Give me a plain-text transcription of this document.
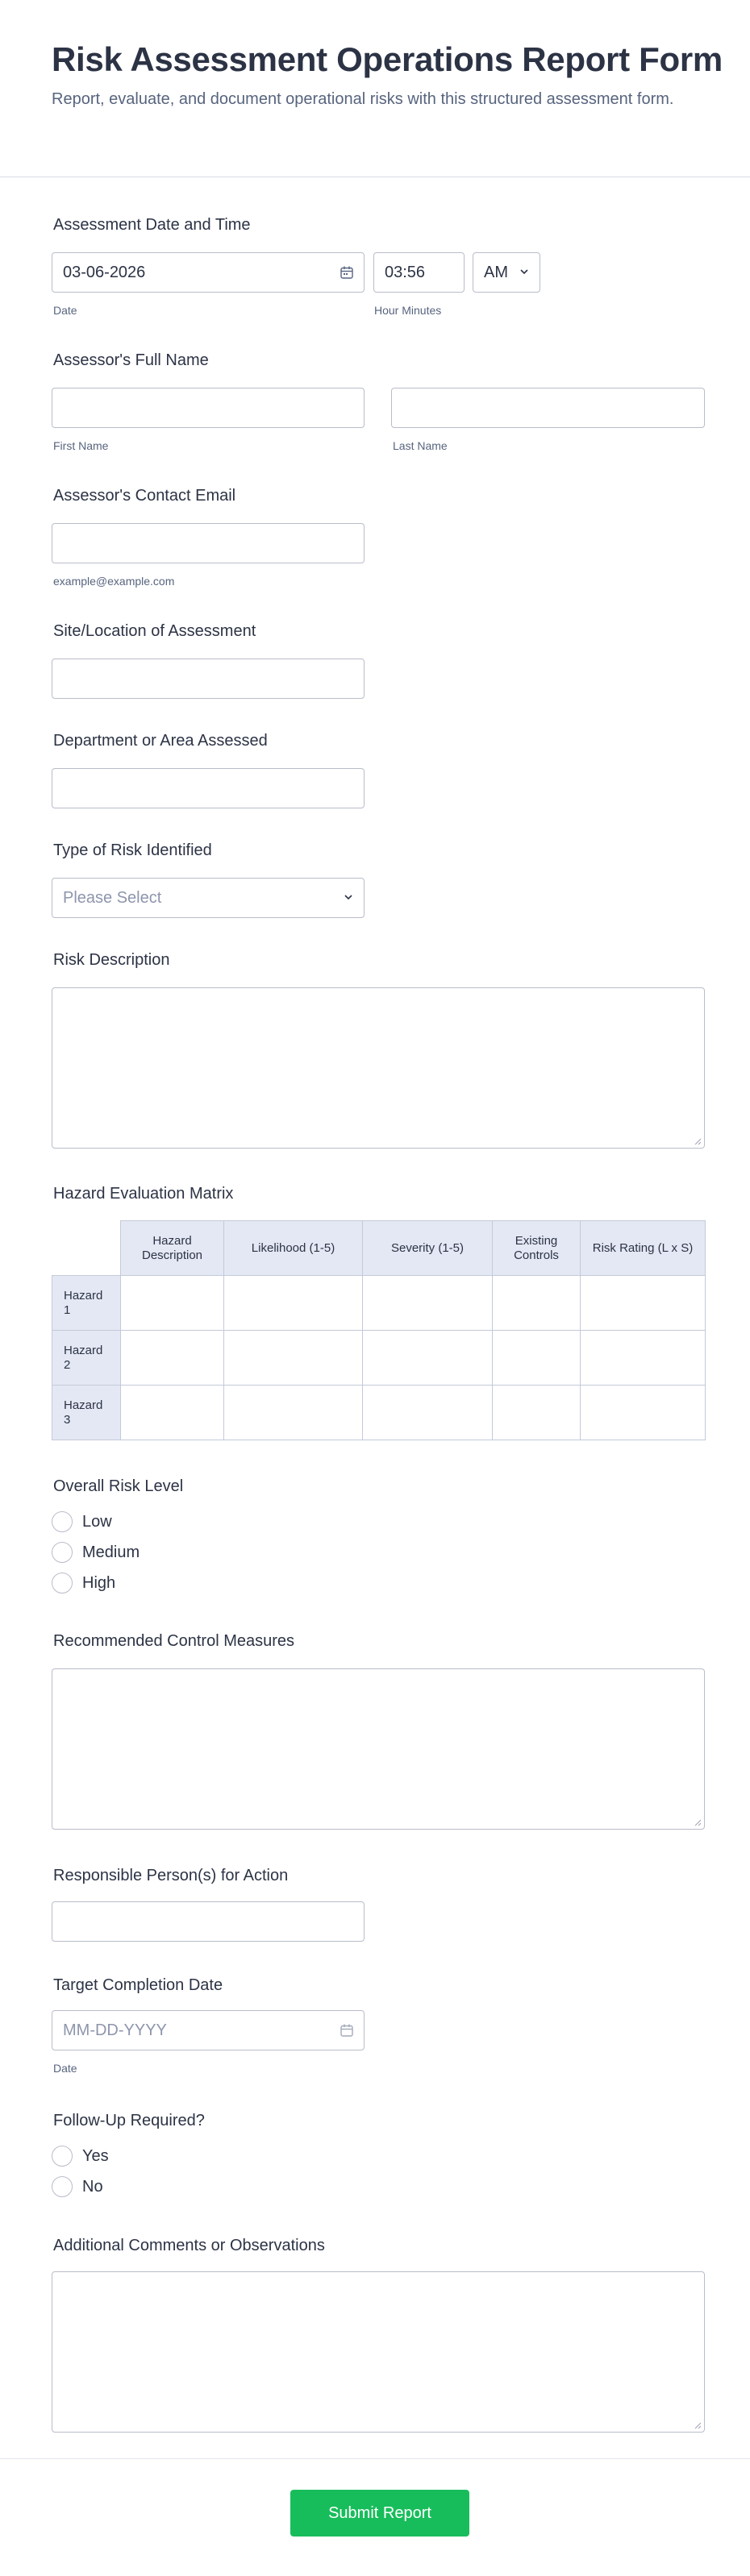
Risk Assessment Operations Report Form
Report, evaluate, and document operational risks with this structured assessment form.
Assessment Date and Time
03-06-2026
Date
03:56
Hour Minutes
AM
Assessor's Full Name
First Name	Last Name
Assessor's Contact Email
example@example.com
Site/Location of Assessment
Department or Area Assessed
Type of Risk Identified
Please Select
Risk Description
Hazard Evaluation Matrix
	Hazard Description	Likelihood (1-5)	Severity (1-5)	Existing Controls	Risk Rating (L x S)
Hazard 1					
Hazard 2					
Hazard 3					
Overall Risk Level
Low
Medium
High
Recommended Control Measures
Responsible Person(s) for Action
Target Completion Date
MM-DD-YYYY
Date
Follow-Up Required?
Yes
No
Additional Comments or Observations
Submit Report
